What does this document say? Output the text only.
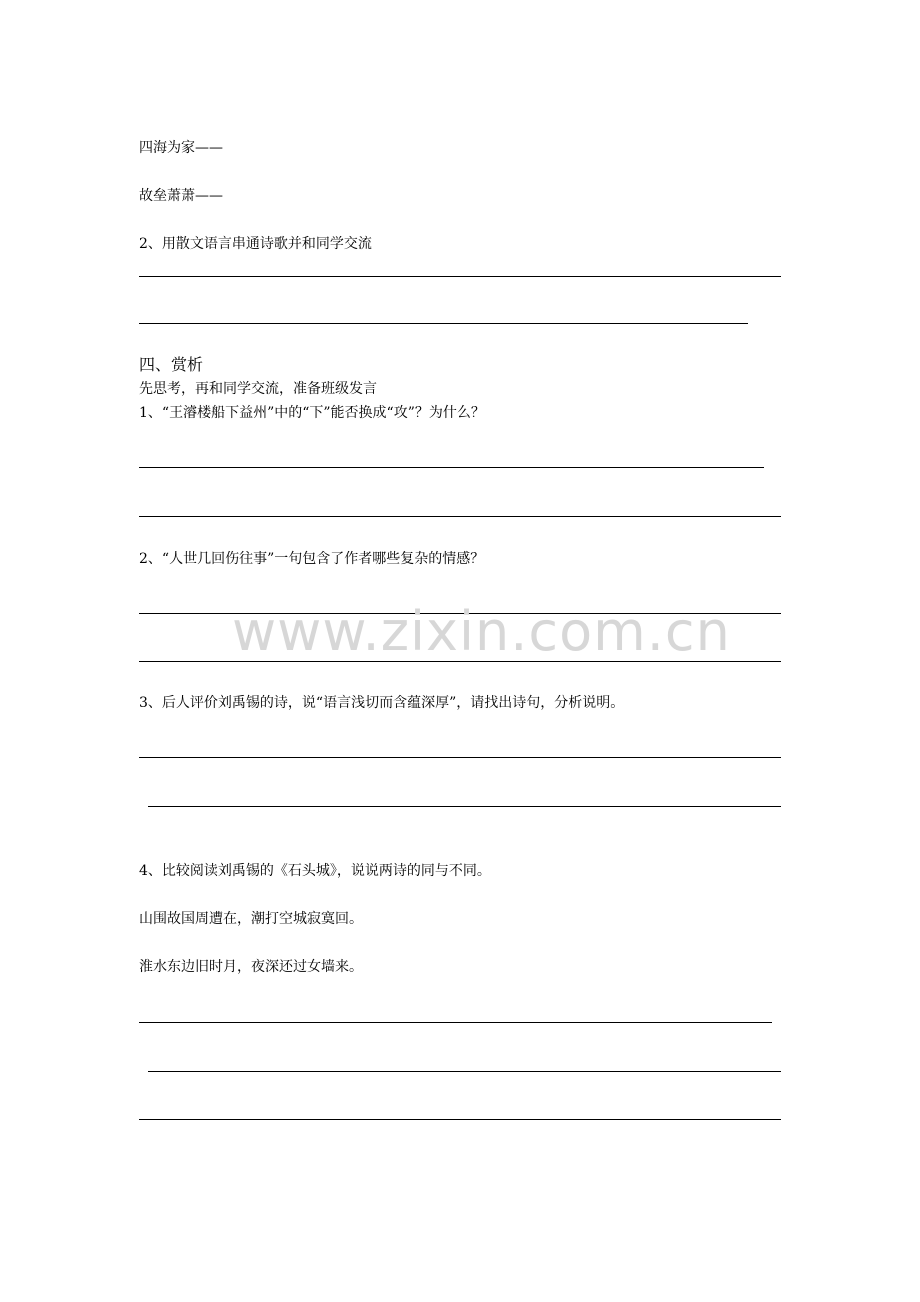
四海为家——
故垒萧萧——
2、用散文语言串通诗歌并和同学交流
四、赏析
先思考，再和同学交流，准备班级发言
1、“王濬楼船下益州”中的“下”能否换成“攻”？为什么？
2、“人世几回伤往事”一句包含了作者哪些复杂的情感？
3、后人评价刘禹锡的诗，说“语言浅切而含蕴深厚”，请找出诗句，分析说明。
4、比较阅读刘禹锡的《石头城》，说说两诗的同与不同。
山围故国周遭在，潮打空城寂寞回。
淮水东边旧时月，夜深还过女墙来。
www.zixin.com.cn
